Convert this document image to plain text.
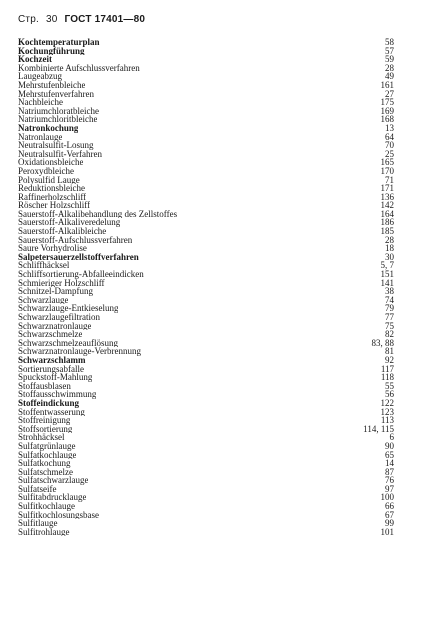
Стр. 30 ГОСТ 17401—80
Kochtemperaturplan	58
Kochungführung	57
Kochzeit	59
Kombinierte Aufschlussverfahren	28
Laugeabzug	49
Mehrstufenbleiche	161
Mehrstufenverfahren	27
Nachbleiche	175
Natriumchloratbleiche	169
Natriumchloritbleiche	168
Natronkochung	13
Natronlauge	64
Neutralsulfit-Losung	70
Neutralsulfit-Verfahren	25
Oxidationsbleiche	165
Peroxydbleiche	170
Polysulfid Lauge	71
Reduktionsbleiche	171
Raffinerholzschliff	136
Röscher Holzschliff	142
Sauerstoff-Alkalibehandlung des Zellstoffes	164
Sauerstoff-Alkaliveredelung	186
Sauerstoff-Alkalibleiche	185
Sauerstoff-Aufschlussverfahren	28
Saure Vorhydrolise	18
Salpetersauerzellstoffverfahren	30
Schliffhäcksel	5, 7
Schliffsortierung-Abfalleeindicken	151
Schmieriger Holzschliff	141
Schnitzel-Dampfung	38
Schwarzlauge	74
Schwarzlauge-Entkieselung	79
Schwarzlaugefiltration	77
Schwarznatronlauge	75
Schwarzschmelze	82
Schwarzschmelzeauflösung	83, 88
Schwarznatronlauge-Verbrennung	81
Schwarzschlamm	92
Sortierungsabfalle	117
Spuckstoff-Mahlung	118
Stoffausblasen	55
Stoffausschwimmung	56
Stoffeindickung	122
Stoffentwasserung	123
Stoffreinigung	113
Stoffsortierung	114, 115
Strohhäcksel	6
Sulfatgrünlauge	90
Sulfatkochlauge	65
Sulfatkochung	14
Sulfatschmelze	87
Sulfatschwarzlauge	76
Sulfatseife	97
Sulfitabdrucklauge	100
Sulfitkochlauge	66
Sulfitkochlosungsbase	67
Sulfitlauge	99
Sulfitrohlauge	101
